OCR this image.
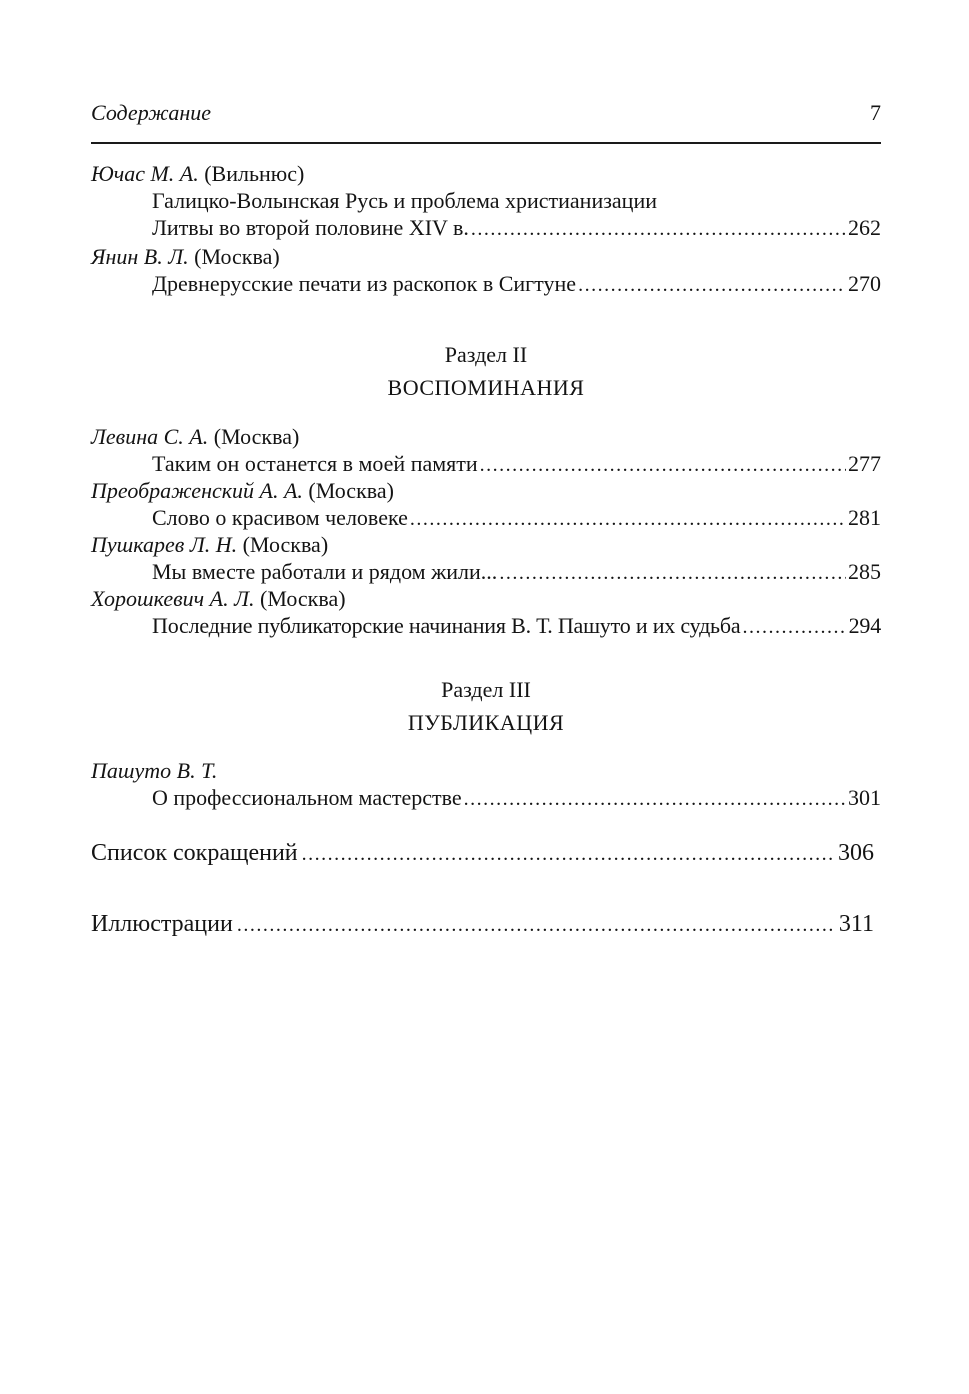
Содержание	7
Ючас М. А. (Вильнюс)
Галицко-Волынская Русь и проблема христианизации
Литвы во второй половине XIV в. .....	262
Янин В. Л. (Москва)
Древнерусские печати из раскопок в Сигтуне .....	270
Раздел II
ВОСПОМИНАНИЯ
Левина С. А. (Москва)
Таким он останется в моей памяти .....	277
Преображенский А. А. (Москва)
Слово о красивом человеке .....	281
Пушкарев Л. Н. (Москва)
Мы вместе работали и рядом жили... .....	285
Хорошкевич А. Л. (Москва)
Последние публикаторские начинания В. Т. Пашуто и их судьба .....	294
Раздел III
ПУБЛИКАЦИЯ
Пашуто В. Т.
О профессиональном мастерстве .....	301
Список сокращений .....	306
Иллюстрации .....	311
